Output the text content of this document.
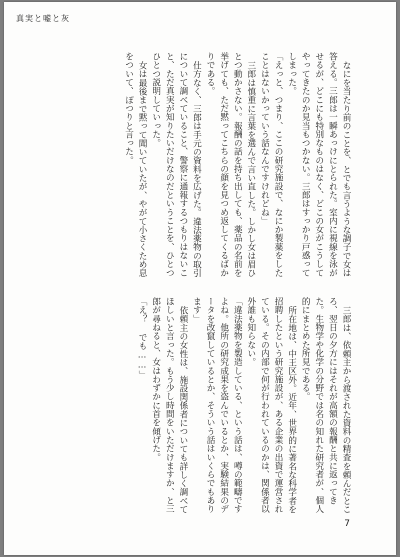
真実と嘘と灰

なにを当たり前のことを、とでも言うような調子で女は答える。三郎は一瞬あっけにとられた。室内に視線を泳がせるが、どこにも特別なものはなく、どこの女がこうしてやってきたのか見当もつかない。三郎はすっかり戸惑ってしまった。

「えっと、つまり、ここの研究施設で、なにか製薬をしたことはないかっていう話なんですけれどね」

三郎は慎重に言葉を選んで言い直した。しかし女は眉ひとつ動かさない。報酬の話を持ち出しても、薬品の名前を挙げても、ただ黙ってこちらの顔を見つめ返してくるばかりである。

仕方なく、三郎は手元の資料を広げた。違法薬物の取引について調べていること、警察に通報するつもりはないこと、ただ真実が知りたいだけなのだということを、ひとつひとつ説明していった。

女は最後まで黙って聞いていたが、やがて小さくため息をついて、ぽつりと言った。

三郎は、依頼主から渡された資料の精査を頼んだところ、翌日の夕方にはそれが高額の報酬と共に返ってきた。生物学や化学の分野では名の知れた研究者が、個人的にまとめた所見である。

所在地は、中王区外。近年、世界的に著名な科学者を招聘したという研究施設が、ある企業の出資で運営されている。その内部で何が行われているのかは、関係者以外誰も知らない。

「違法薬物を製造している、という話は、噂の範疇ですよね。他所の研究成果を盗んでいるとか、実験結果のデータを改竄しているとか、そういう話はいくらでもあります」

依頼主の女性は、施設関係者についても詳しく調べてほしいと言った。もう少し時間をいただけますか、と三郎が尋ねると、女はわずかに首を傾げた。

「え？ でも……」

7
